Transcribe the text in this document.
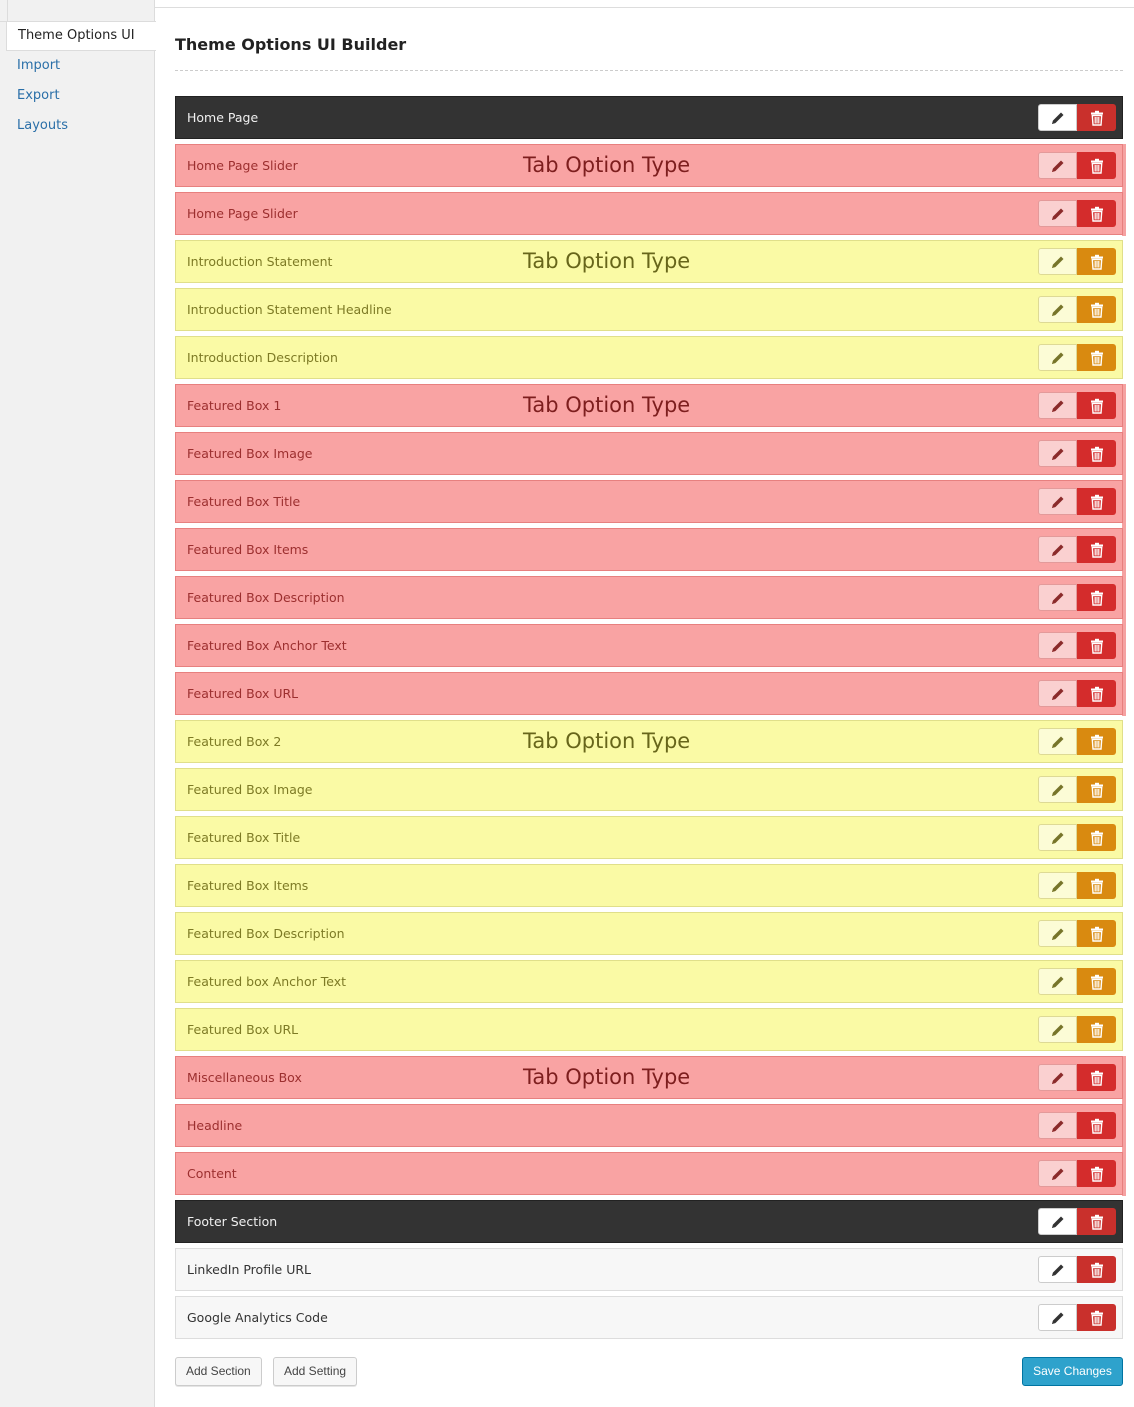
Theme Options UI
Import
Export
Layouts
Theme Options UI Builder
Home Page
Home Page Slider	Tab Option Type
Home Page Slider
Introduction Statement	Tab Option Type
Introduction Statement Headline
Introduction Description
Featured Box 1	Tab Option Type
Featured Box Image
Featured Box Title
Featured Box Items
Featured Box Description
Featured Box Anchor Text
Featured Box URL
Featured Box 2	Tab Option Type
Featured Box Image
Featured Box Title
Featured Box Items
Featured Box Description
Featured box Anchor Text
Featured Box URL
Miscellaneous Box	Tab Option Type
Headline
Content
Footer Section
LinkedIn Profile URL
Google Analytics Code
Add Section	Add Setting	Save Changes
